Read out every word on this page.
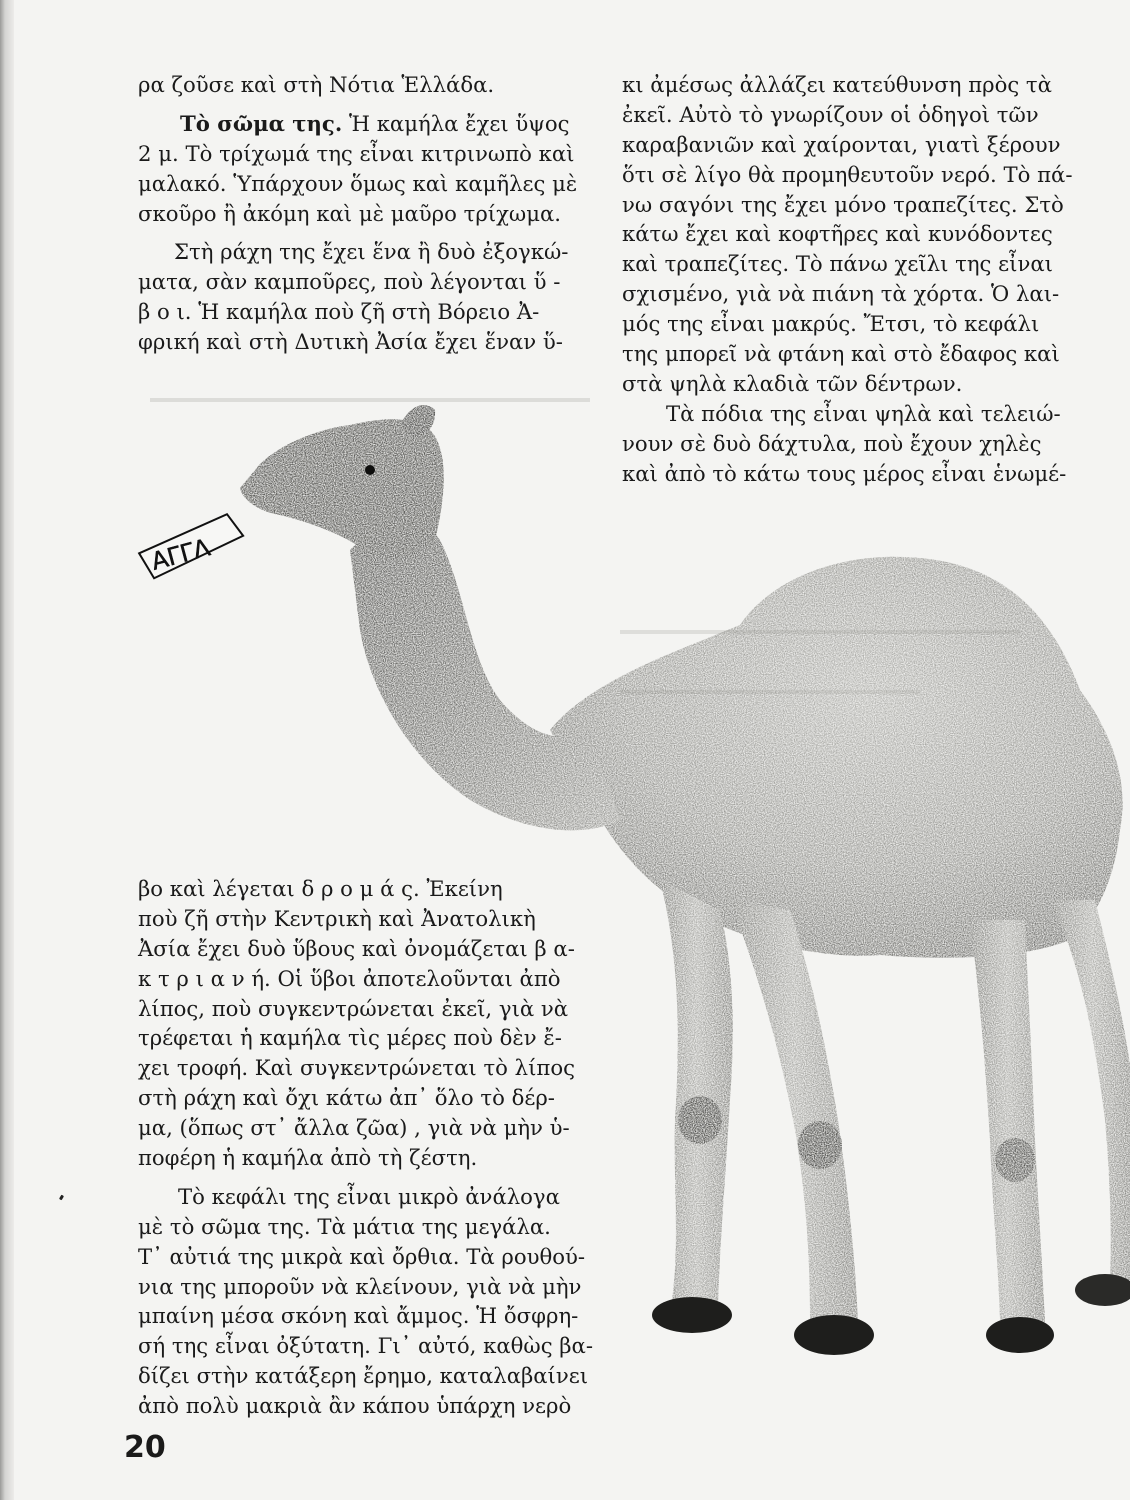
ρα ζοῦσε καὶ στὴ Νότια Ἑλλάδα.
Τὸ σῶμα της. Ἡ καμήλα ἔχει ὕψος
2 μ. Τὸ τρίχωμά της εἶναι κιτρινωπὸ καὶ
μαλακό. Ὑπάρχουν ὅμως καὶ καμῆλες μὲ
σκοῦρο ἢ ἀκόμη καὶ μὲ μαῦρο τρίχωμα.
Στὴ ράχη της ἔχει ἕνα ἢ δυὸ ἐξογκώ-
ματα, σὰν καμποῦρες, ποὺ λέγονται ὕ -
β ο ι. Ἡ καμήλα ποὺ ζῆ στὴ Βόρειο Ἀ-
φρική καὶ στὴ Δυτικὴ Ἀσία ἔχει ἕναν ὕ-
κι ἀμέσως ἀλλάζει κατεύθυνση πρὸς τὰ
ἐκεῖ. Αὐτὸ τὸ γνωρίζουν οἱ ὁδηγοὶ τῶν
καραβανιῶν καὶ χαίρονται, γιατὶ ξέρουν
ὅτι σὲ λίγο θὰ προμηθευτοῦν νερό. Τὸ πά-
νω σαγόνι της ἔχει μόνο τραπεζίτες. Στὸ
κάτω ἔχει καὶ κοφτῆρες καὶ κυνόδοντες
καὶ τραπεζίτες. Τὸ πάνω χεῖλι της εἶναι
σχισμένο, γιὰ νὰ πιάνη τὰ χόρτα. Ὁ λαι-
μός της εἶναι μακρύς. Ἔτσι, τὸ κεφάλι
της μπορεῖ νὰ φτάνη καὶ στὸ ἔδαφος καὶ
στὰ ψηλὰ κλαδιὰ τῶν δέντρων.
Τὰ πόδια της εἶναι ψηλὰ καὶ τελειώ-
νουν σὲ δυὸ δάχτυλα, ποὺ ἔχουν χηλὲς
καὶ ἀπὸ τὸ κάτω τους μέρος εἶναι ἑνωμέ-
ΑΓΓΛ
βο καὶ λέγεται δ ρ ο μ ά ς. Ἐκείνη
ποὺ ζῆ στὴν Κεντρικὴ καὶ Ἀνατολικὴ
Ἀσία ἔχει δυὸ ὕβους καὶ ὀνομάζεται β α-
κ τ ρ ι α ν ή. Οἱ ὕβοι ἀποτελοῦνται ἀπὸ
λίπος, ποὺ συγκεντρώνεται ἐκεῖ, γιὰ νὰ
τρέφεται ἡ καμήλα τὶς μέρες ποὺ δὲν ἔ-
χει τροφή. Καὶ συγκεντρώνεται τὸ λίπος
στὴ ράχη καὶ ὄχι κάτω ἀπ᾽ ὅλο τὸ δέρ-
μα, (ὅπως στ᾽ ἄλλα ζῶα) , γιὰ νὰ μὴν ὑ-
ποφέρη ἡ καμήλα ἀπὸ τὴ ζέστη.
Τὸ κεφάλι της εἶναι μικρὸ ἀνάλογα
μὲ τὸ σῶμα της. Τὰ μάτια της μεγάλα.
Τ᾽ αὐτιά της μικρὰ καὶ ὄρθια. Τὰ ρουθού-
νια της μποροῦν νὰ κλείνουν, γιὰ νὰ μὴν
μπαίνη μέσα σκόνη καὶ ἄμμος. Ἡ ὄσφρη-
σή της εἶναι ὀξύτατη. Γι᾽ αὐτό, καθὼς βα-
δίζει στὴν κατάξερη ἔρημο, καταλαβαίνει
ἀπὸ πολὺ μακριὰ ἂν κάπου ὑπάρχη νερὸ
20
